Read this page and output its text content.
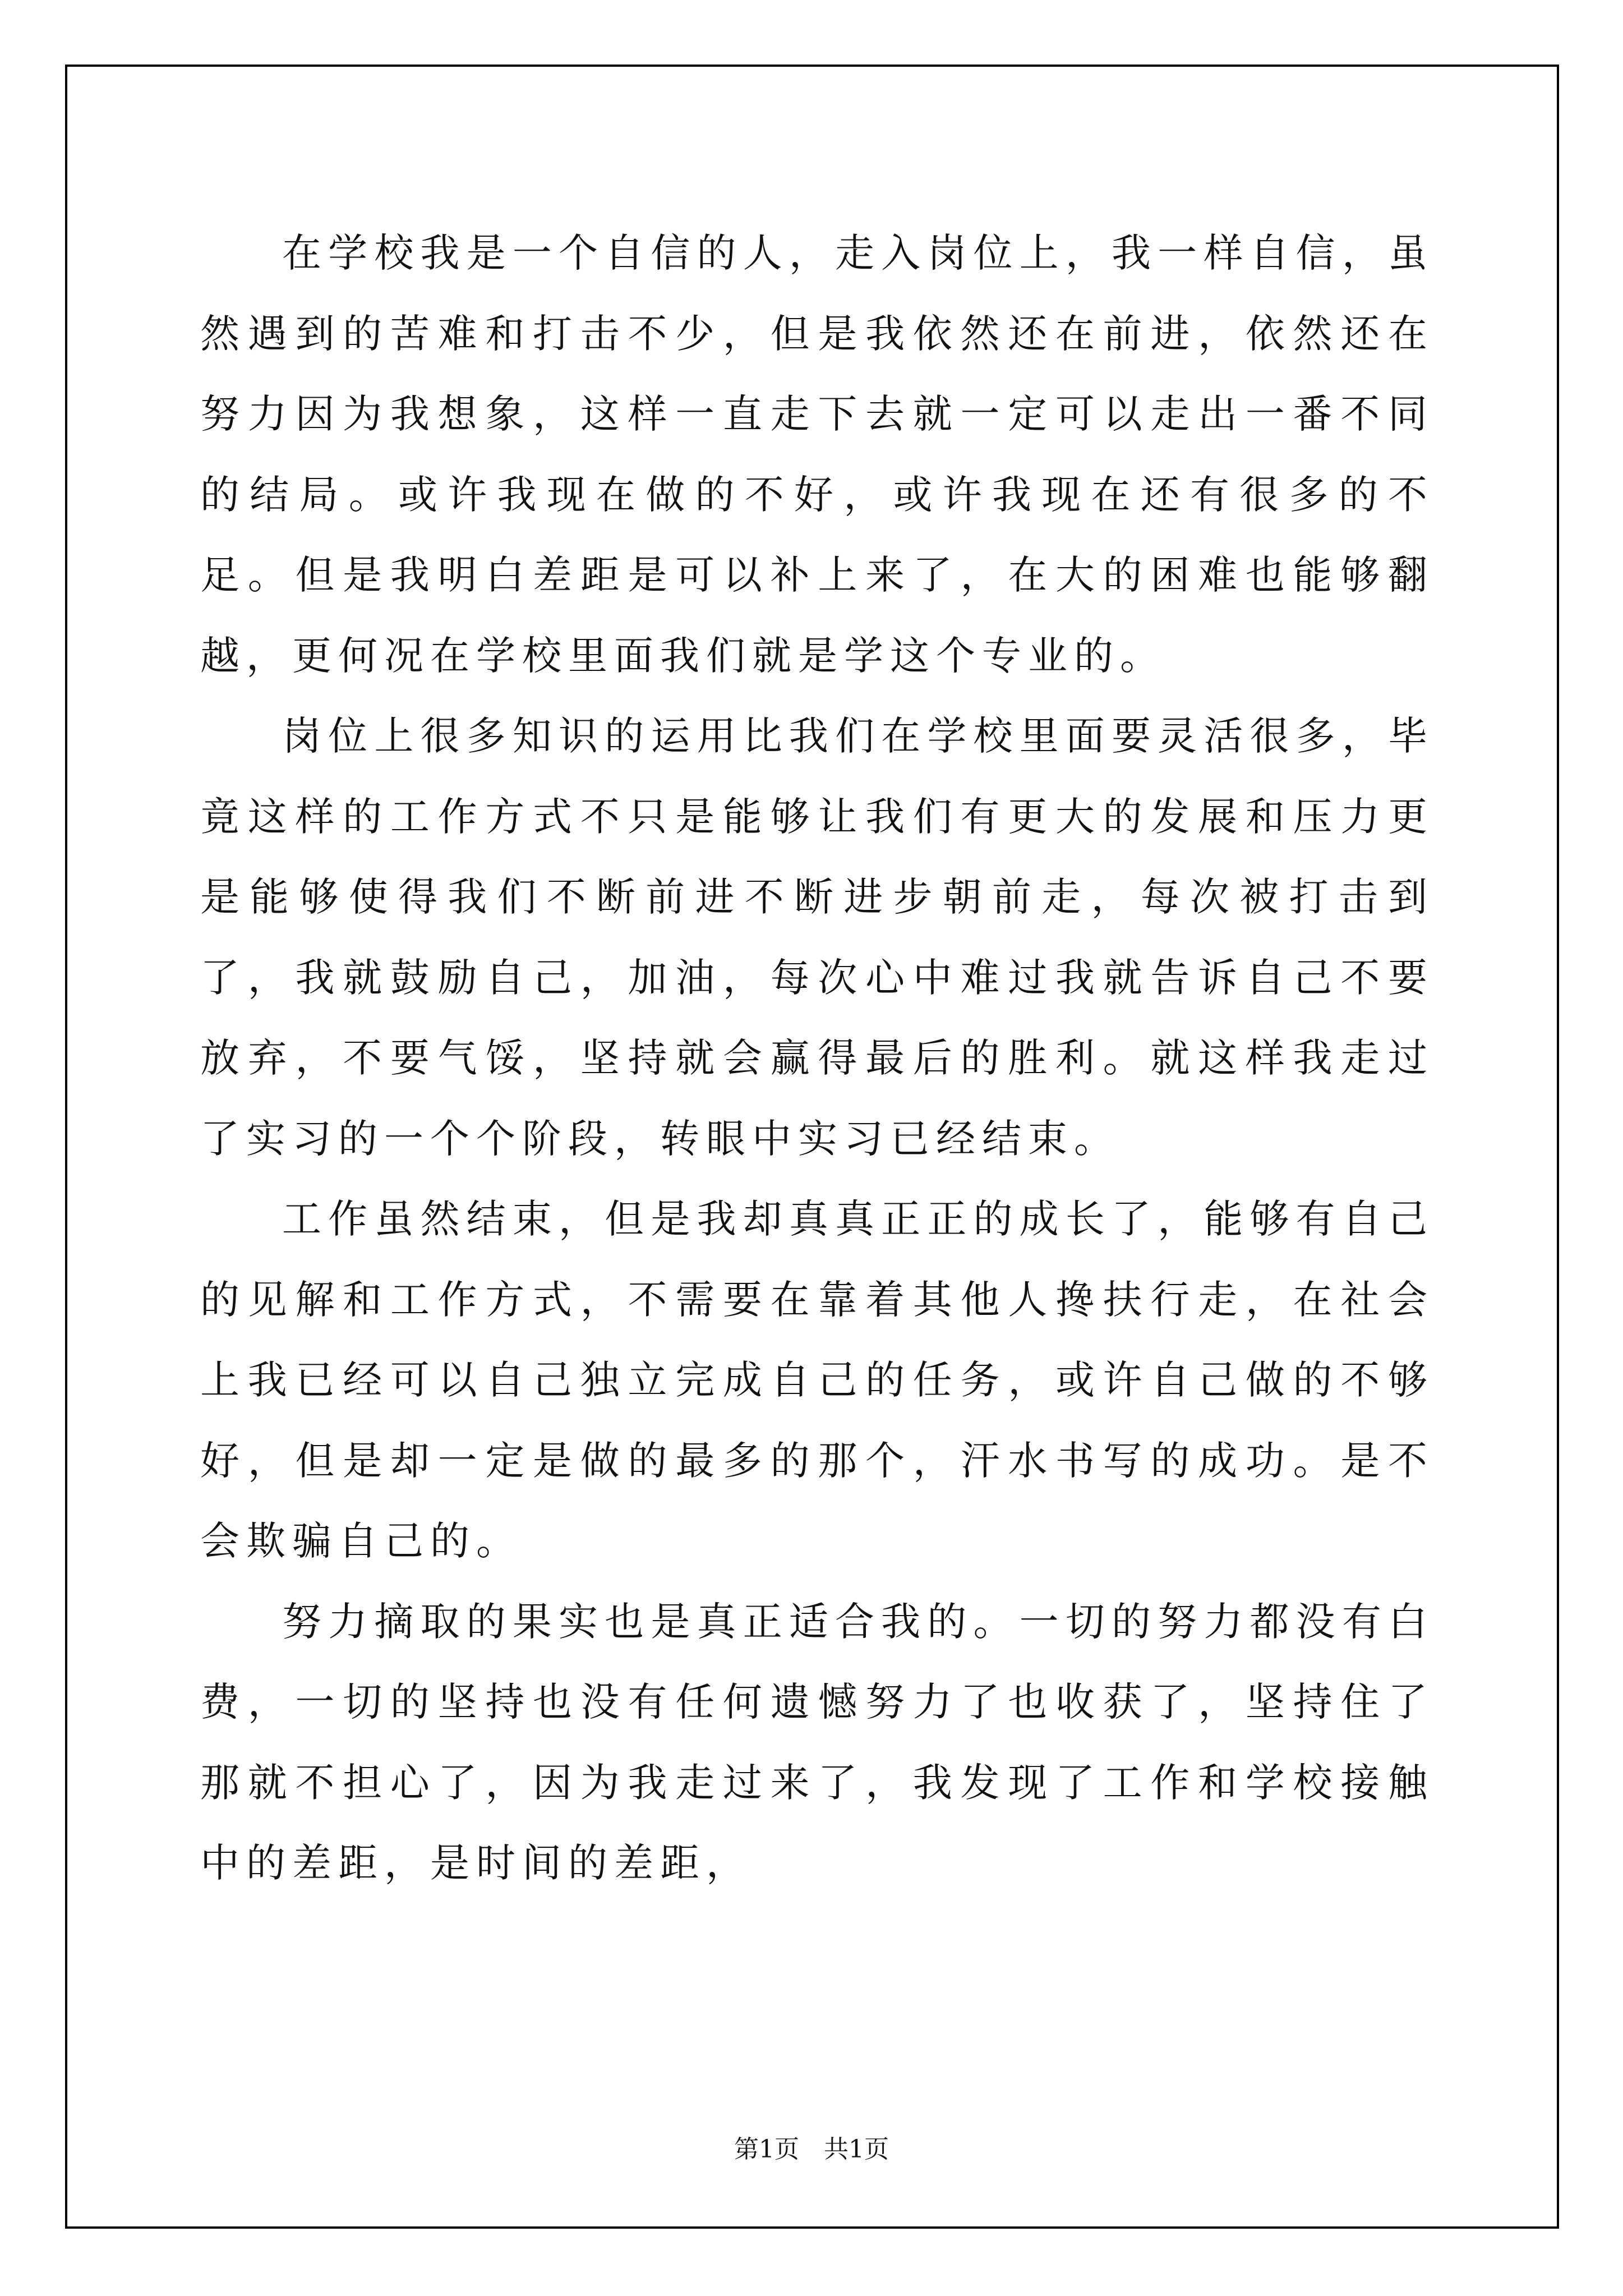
在学校我是一个自信的人，走入岗位上，我一样自信，虽然遇到的苦难和打击不少，但是我依然还在前进，依然还在努力因为我想象，这样一直走下去就一定可以走出一番不同的结局。或许我现在做的不好，或许我现在还有很多的不足。但是我明白差距是可以补上来了，在大的困难也能够翻越，更何况在学校里面我们就是学这个专业的。

岗位上很多知识的运用比我们在学校里面要灵活很多，毕竟这样的工作方式不只是能够让我们有更大的发展和压力更是能够使得我们不断前进不断进步朝前走，每次被打击到了，我就鼓励自己，加油，每次心中难过我就告诉自己不要放弃，不要气馁，坚持就会赢得最后的胜利。就这样我走过了实习的一个个阶段，转眼中实习已经结束。

工作虽然结束，但是我却真真正正的成长了，能够有自己的见解和工作方式，不需要在靠着其他人搀扶行走，在社会上我已经可以自己独立完成自己的任务，或许自己做的不够好，但是却一定是做的最多的那个，汗水书写的成功。是不会欺骗自己的。

努力摘取的果实也是真正适合我的。一切的努力都没有白费，一切的坚持也没有任何遗憾努力了也收获了，坚持住了那就不担心了，因为我走过来了，我发现了工作和学校接触中的差距，是时间的差距，

第1页 共1页
